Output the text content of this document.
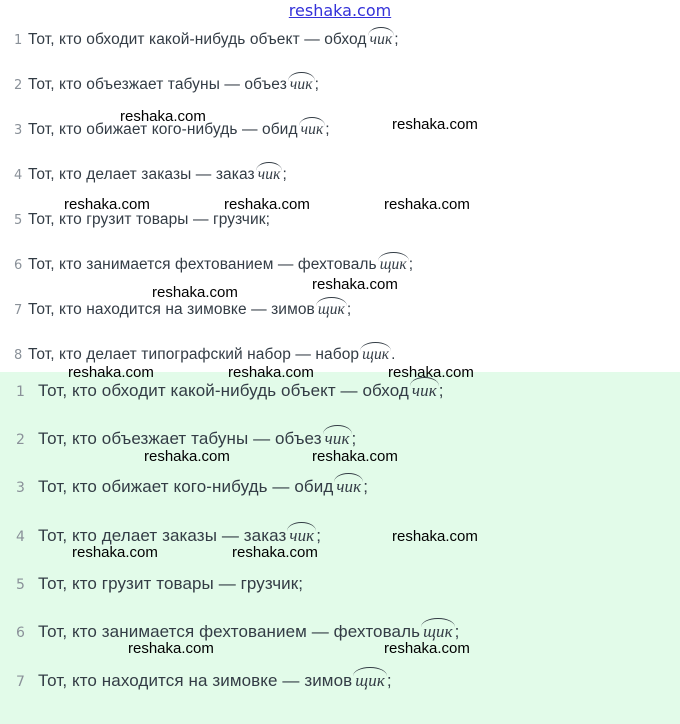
reshaka.com
1 Тот, кто обходит какой-нибудь объект — обход чик ;
2 Тот, кто объезжает табуны — объез чик ;
3 Тот, кто обижает кого-нибудь — обид чик ;
4 Тот, кто делает заказы — заказ чик ;
5 Тот, кто грузит товары — грузчик;
6 Тот, кто занимается фехтованием — фехтоваль щик ;
7 Тот, кто находится на зимовке — зимов щик ;
8 Тот, кто делает типографский набор — набор щик .
1 Тот, кто обходит какой-нибудь объект — обход чик ;
2 Тот, кто объезжает табуны — объез чик ;
3 Тот, кто обижает кого-нибудь — обид чик ;
4 Тот, кто делает заказы — заказ чик ;
5 Тот, кто грузит товары — грузчик;
6 Тот, кто занимается фехтованием — фехтоваль щик ;
7 Тот, кто находится на зимовке — зимов щик ;
reshaka.com	reshaka.com
reshaka.com	reshaka.com	reshaka.com
reshaka.com
reshaka.com
reshaka.com	reshaka.com	reshaka.com
reshaka.com	reshaka.com
reshaka.com
reshaka.com	reshaka.com
reshaka.com	reshaka.com
